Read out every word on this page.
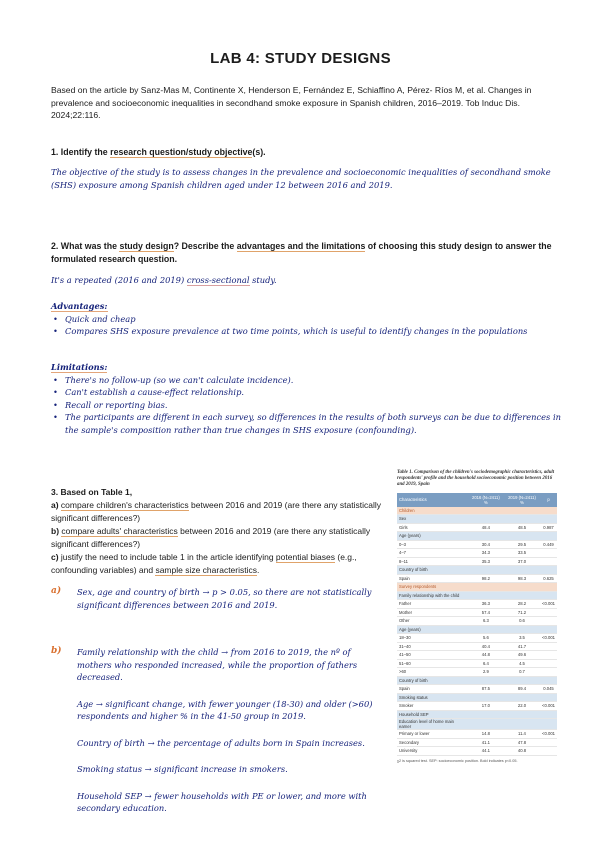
LAB 4: STUDY DESIGNS
Based on the article by Sanz-Mas M, Continente X, Henderson E, Fernández E, Schiaffino A, Pérez- Ríos M, et al. Changes in prevalence and socioeconomic inequalities in secondhand smoke exposure in Spanish children, 2016–2019. Tob Induc Dis. 2024;22:116.
1. Identify the research question/study objective(s).
The objective of the study is to assess changes in the prevalence and socioeconomic inequalities of secondhand smoke (SHS) exposure among Spanish children aged under 12 between 2016 and 2019.
2. What was the study design? Describe the advantages and the limitations of choosing this study design to answer the formulated research question.
It's a repeated (2016 and 2019) cross-sectional study.
Advantages:
• Quick and cheap
• Compares SHS exposure prevalence at two time points, which is useful to identify changes in the populations
Limitations:
• There's no follow-up (so we can't calculate incidence).
• Can't establish a cause-effect relationship.
• Recall or reporting bias.
• The participants are different in each survey, so differences in the results of both surveys can be due to differences in the sample's composition rather than true changes in SHS exposure (confounding).
3. Based on Table 1,
a) compare children's characteristics between 2016 and 2019 (are there any statistically significant differences?)
b) compare adults' characteristics between 2016 and 2019 (are there any statistically significant differences?)
c) justify the need to include table 1 in the article identifying potential biases (e.g., confounding variables) and sample size characteristics.
a) Sex, age and country of birth → p > 0.05, so there are not statistically significant differences between 2016 and 2019.
b) Family relationship with the child → from 2016 to 2019, the nº of mothers who responded increased, while the proportion of fathers decreased.
Age → significant change, with fewer younger (18-30) and older (>60) respondents and higher % in the 41-50 group in 2019.
Country of birth → the percentage of adults born in Spain increases.
Smoking status → significant increase in smokers.
Household SEP → fewer households with PE or lower, and more with secondary education.
Table 1. Comparison of the children's sociodemographic characteristics, adult respondents' profile and the household socioeconomic position between 2016 and 2019, Spain
Characteristics	2016 (N=2411) %	2019 (N=2411) %	p
Children			
Sex			
Girls	48.4	48.5	0.987
Age (years)			
0–3	30.4	29.5	0.449
4–7	34.3	33.5	
8–11	35.3	37.0	
Country of birth			
Spain	98.2	98.3	0.625
Survey respondents			
Family relationship with the child			
Father	36.3	28.2	<0.001
Mother	57.4	71.2	
Other	6.3	0.6	
Age (years)			
18–30	5.6	3.5	<0.001
31–40	40.4	41.7	
41–50	44.8	49.6	
51–60	6.4	4.5	
>60	2.9	0.7	
Country of birth			
Spain	87.5	89.4	0.045
Smoking status			
Smoker	17.0	22.0	<0.001
Household SEP			
Education level of home main earner			
Primary or lower	14.8	11.4	<0.001
Secondary	41.1	47.8	
University	44.1	40.8	
χ2 is squared test. SEP: socioeconomic position. Bold indicates p<0.05.
